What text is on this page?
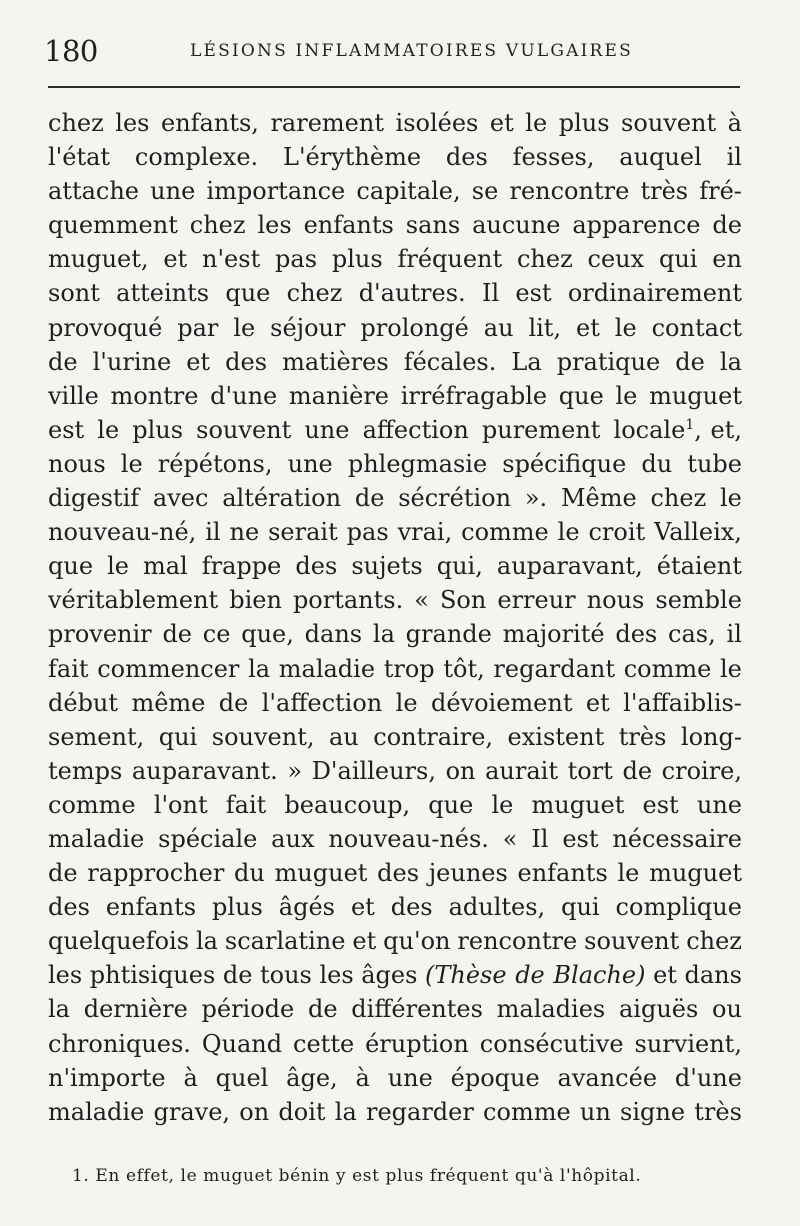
180	LÉSIONS INFLAMMATOIRES VULGAIRES
chez les enfants, rarement isolées et le plus souvent à
l'état complexe. L'érythème des fesses, auquel il
attache une importance capitale, se rencontre très fré-
quemment chez les enfants sans aucune apparence de
muguet, et n'est pas plus fréquent chez ceux qui en
sont atteints que chez d'autres. Il est ordinairement
provoqué par le séjour prolongé au lit, et le contact
de l'urine et des matières fécales. La pratique de la
ville montre d'une manière irréfragable que le muguet
est le plus souvent une affection purement locale$^1$, et,
nous le répétons, une phlegmasie spécifique du tube
digestif avec altération de sécrétion ». Même chez le
nouveau-né, il ne serait pas vrai, comme le croit Valleix,
que le mal frappe des sujets qui, auparavant, étaient
véritablement bien portants. « Son erreur nous semble
provenir de ce que, dans la grande majorité des cas, il
fait commencer la maladie trop tôt, regardant comme le
début même de l'affection le dévoiement et l'affaiblis-
sement, qui souvent, au contraire, existent très long-
temps auparavant. » D'ailleurs, on aurait tort de croire,
comme l'ont fait beaucoup, que le muguet est une
maladie spéciale aux nouveau-nés. « Il est nécessaire
de rapprocher du muguet des jeunes enfants le muguet
des enfants plus âgés et des adultes, qui complique
quelquefois la scarlatine et qu'on rencontre souvent chez
les phtisiques de tous les âges (Thèse de Blache) et dans
la dernière période de différentes maladies aiguës ou
chroniques. Quand cette éruption consécutive survient,
n'importe à quel âge, à une époque avancée d'une
maladie grave, on doit la regarder comme un signe très
1. En effet, le muguet bénin y est plus fréquent qu'à l'hôpital.
